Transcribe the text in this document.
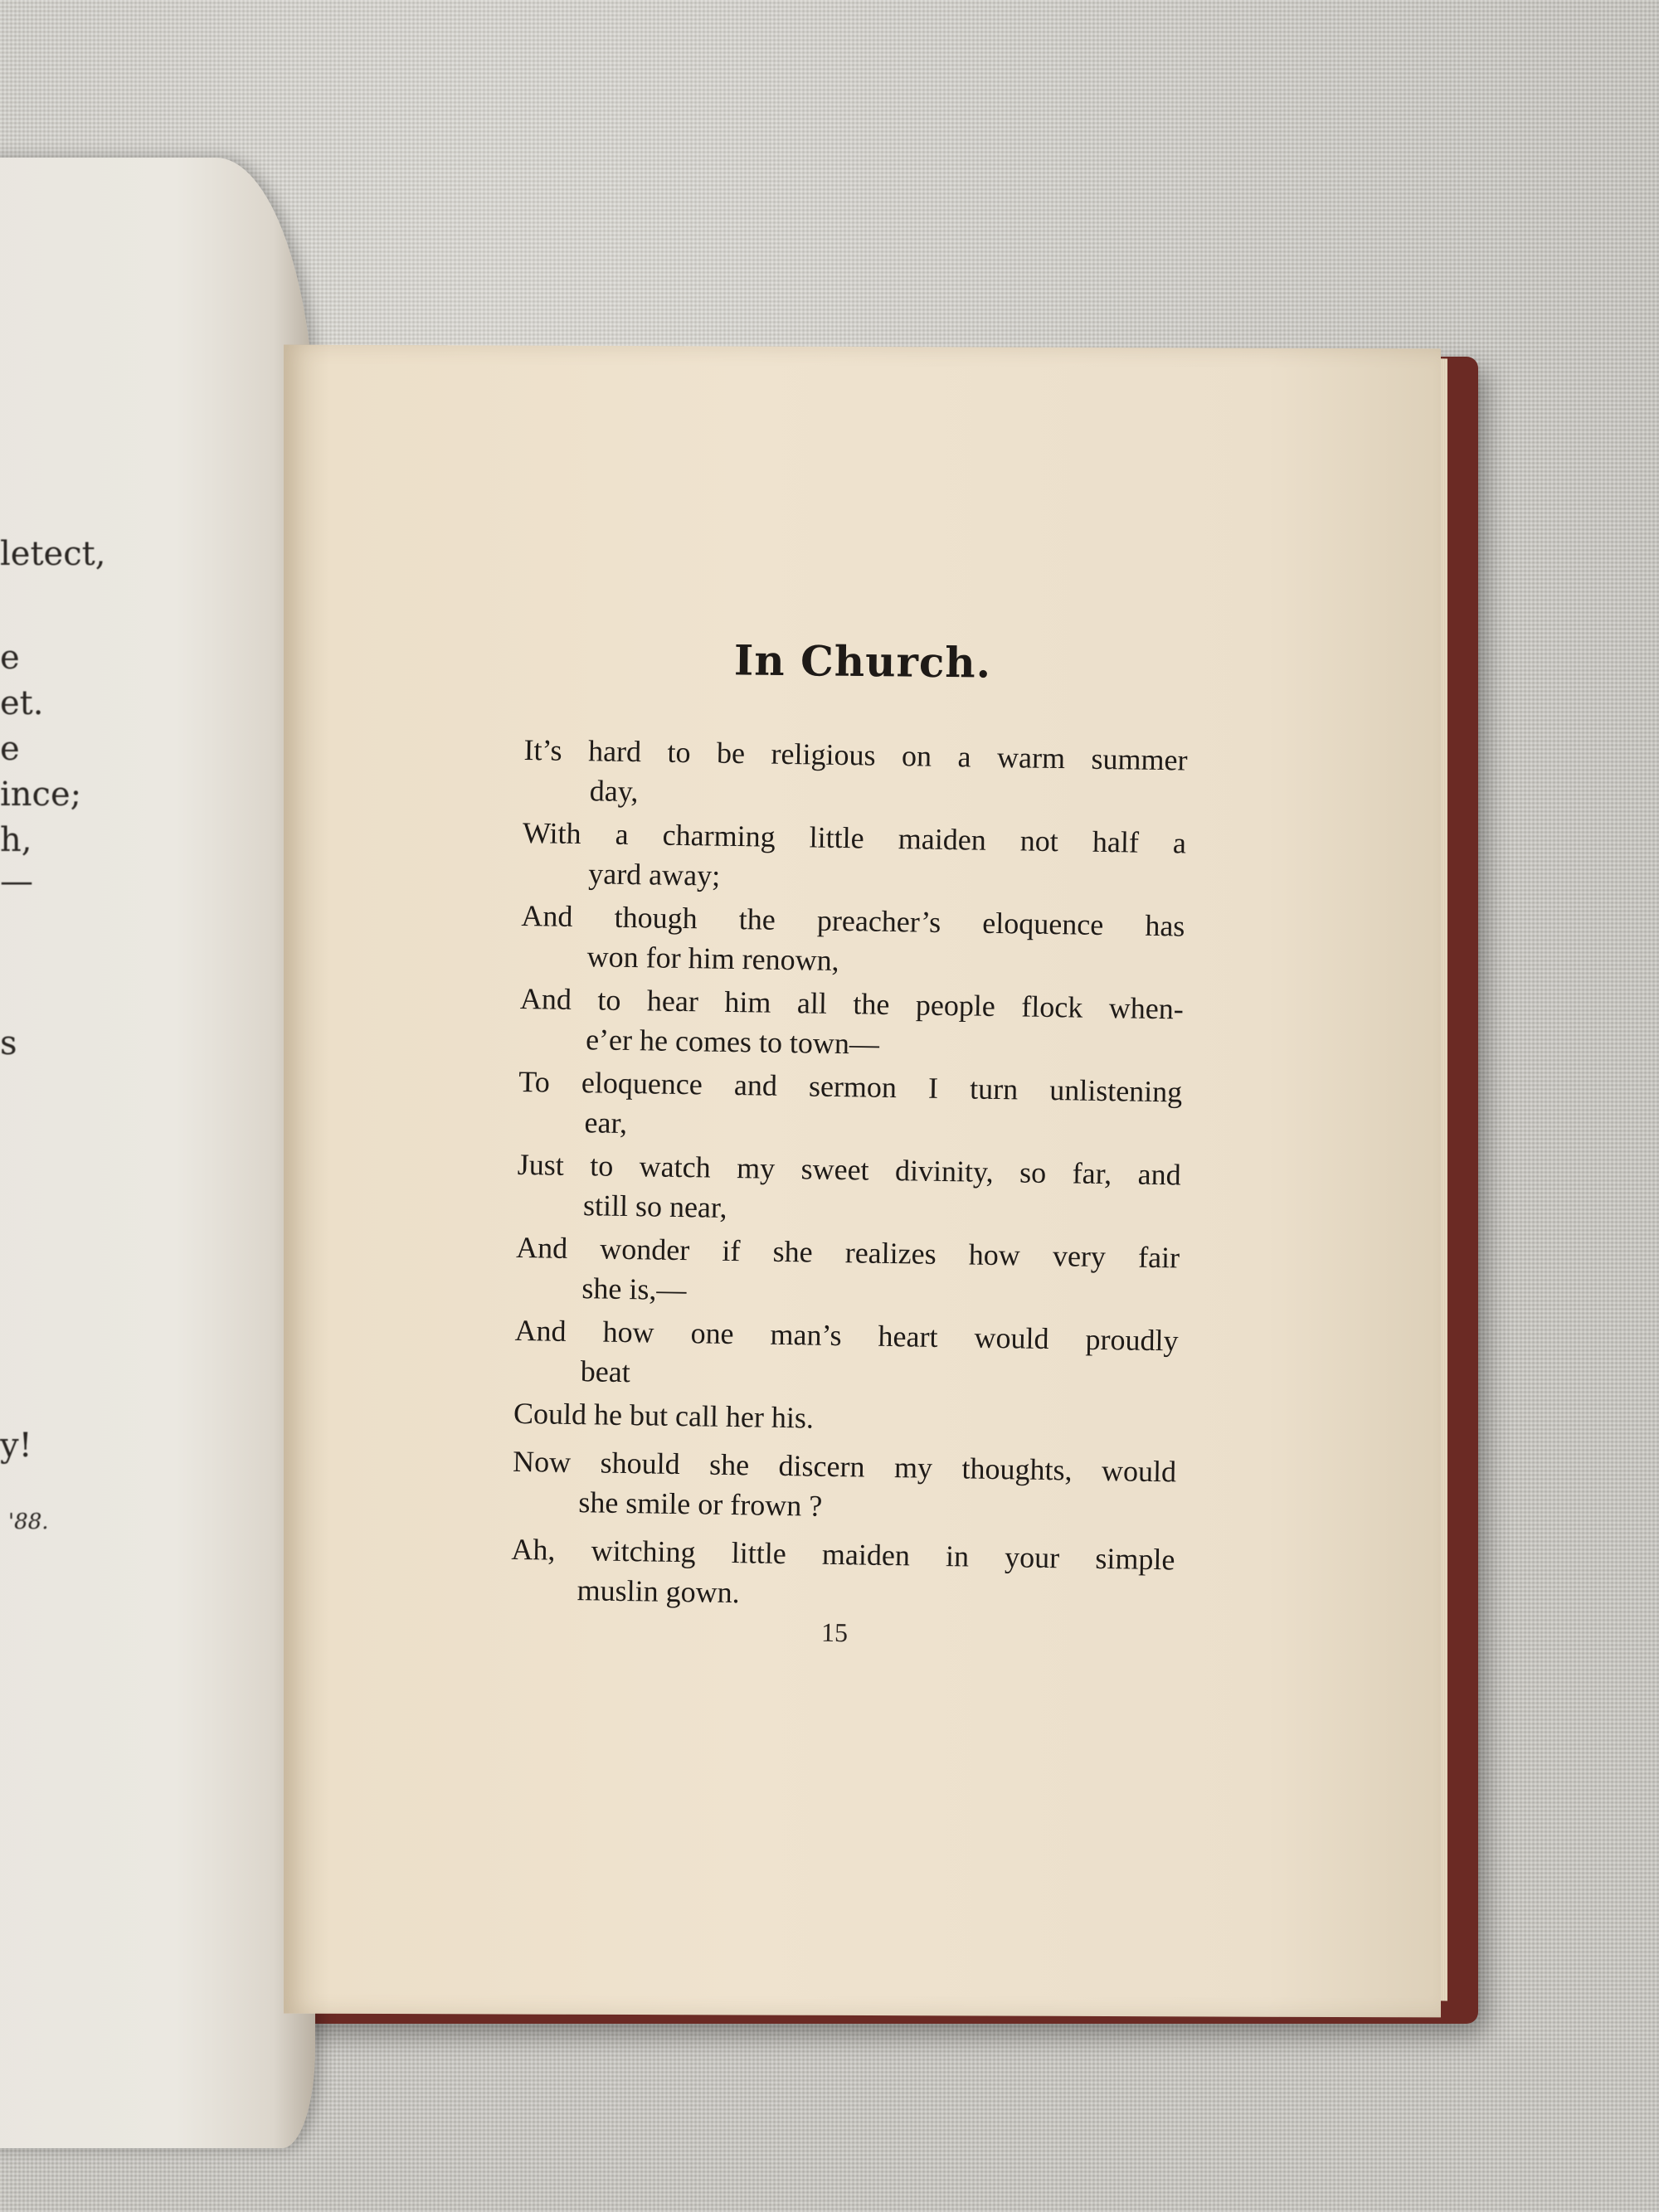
letect,
e
et.
e
ince;
h,
—
s
y!
'88.
In Church.
It’s hard to be religious on a warm summer
day,
With a charming little maiden not half a
yard away;
And though the preacher’s eloquence has
won for him renown,
And to hear him all the people flock when-
e’er he comes to town—
To eloquence and sermon I turn unlistening
ear,
Just to watch my sweet divinity, so far, and
still so near,
And wonder if she realizes how very fair
she is,—
And how one man’s heart would proudly
beat
Could he but call her his.
Now should she discern my thoughts, would
she smile or frown ?
Ah, witching little maiden in your simple
muslin gown.
15
